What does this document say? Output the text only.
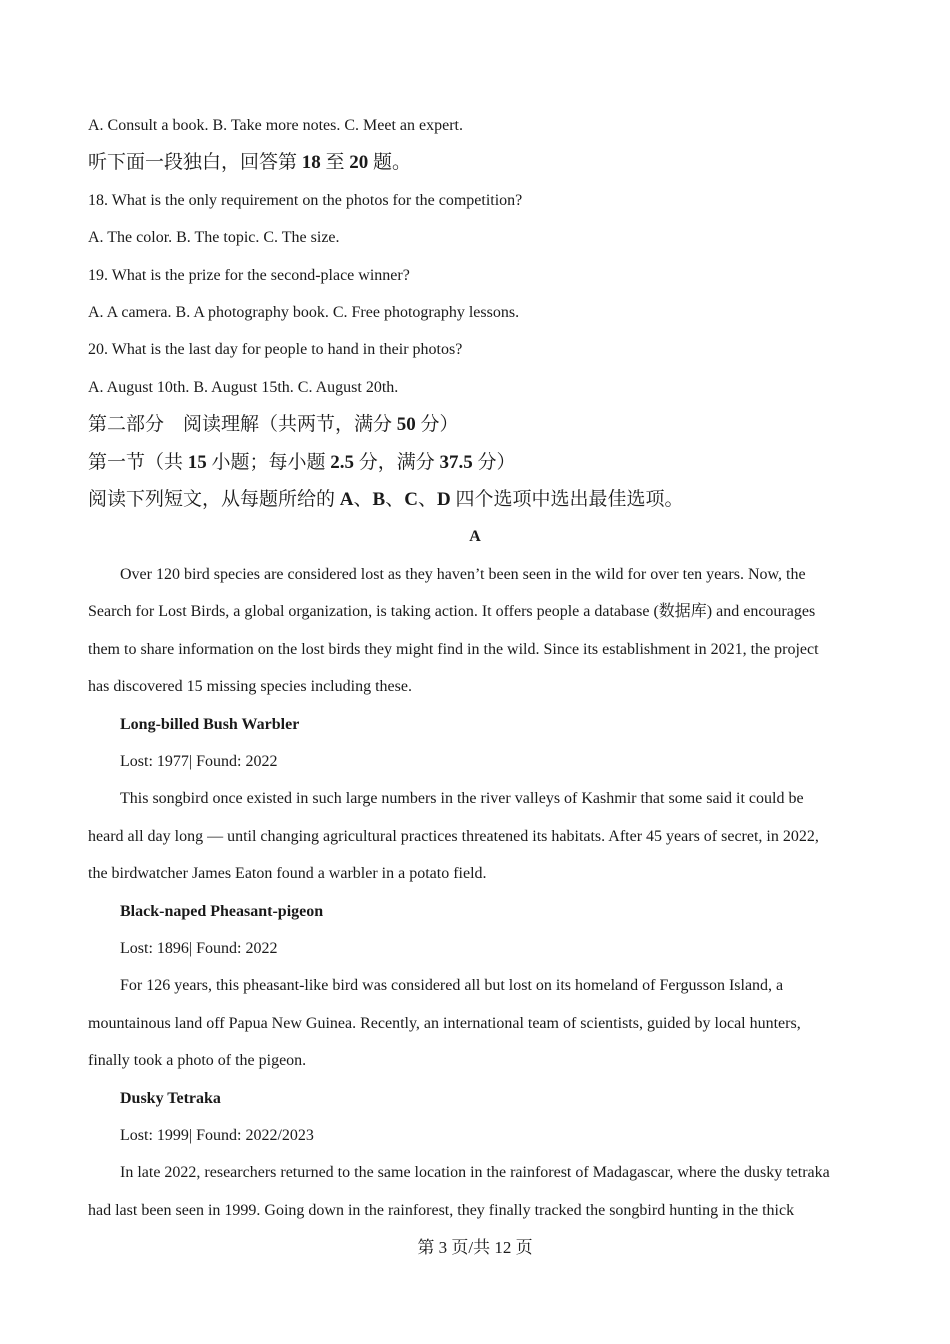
A. Consult a book. B. Take more notes. C. Meet an expert.
听下面一段独白，回答第 18 至 20 题。
18. What is the only requirement on the photos for the competition?
A. The color. B. The topic. C. The size.
19. What is the prize for the second-place winner?
A. A camera. B. A photography book. C. Free photography lessons.
20. What is the last day for people to hand in their photos?
A. August 10th. B. August 15th. C. August 20th.
第二部分　阅读理解（共两节，满分 50 分）
第一节（共 15 小题；每小题 2.5 分，满分 37.5 分）
阅读下列短文，从每题所给的 A、B、C、D 四个选项中选出最佳选项。
A
Over 120 bird species are considered lost as they haven’t been seen in the wild for over ten years. Now, the
Search for Lost Birds, a global organization, is taking action. It offers people a database (数据库) and encourages
them to share information on the lost birds they might find in the wild. Since its establishment in 2021, the project
has discovered 15 missing species including these.
Long-billed Bush Warbler
Lost: 1977| Found: 2022
This songbird once existed in such large numbers in the river valleys of Kashmir that some said it could be
heard all day long — until changing agricultural practices threatened its habitats. After 45 years of secret, in 2022,
the birdwatcher James Eaton found a warbler in a potato field.
Black-naped Pheasant-pigeon
Lost: 1896| Found: 2022
For 126 years, this pheasant-like bird was considered all but lost on its homeland of Fergusson Island, a
mountainous land off Papua New Guinea. Recently, an international team of scientists, guided by local hunters,
finally took a photo of the pigeon.
Dusky Tetraka
Lost: 1999| Found: 2022/2023
In late 2022, researchers returned to the same location in the rainforest of Madagascar, where the dusky tetraka
had last been seen in 1999. Going down in the rainforest, they finally tracked the songbird hunting in the thick
第 3 页/共 12 页
